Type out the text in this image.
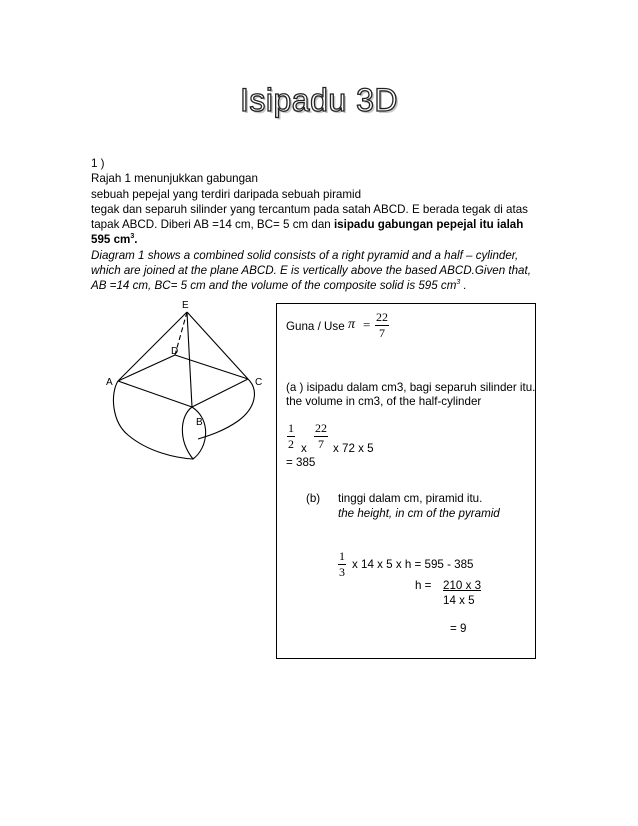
Isipadu 3D

1 )

Rajah 1 menunjukkan gabungan

sebuah pepejal yang terdiri daripada sebuah piramid

tegak dan separuh silinder yang tercantum pada satah ABCD. E berada tegak di atas

tapak ABCD. Diberi AB =14 cm, BC= 5 cm dan isipadu gabungan pepejal itu ialah

595 $cm^3$.

Diagram 1 shows a combined solid consists of a right pyramid and a half – cylinder,

which are joined at the plane ABCD. E is vertically above the based ABCD.Given that,

AB =14 cm, BC= 5 cm and the volume of the composite solid is 595 $cm^3$ .

E
D
A	C
B
Guna / Use $\pi = \frac{22}{7}$
(a ) isipadu dalam cm3, bagi separuh silinder itu.
the volume in cm3, of the half-cylinder
$\frac{1}{2}$ x $\frac{22}{7}$ x 72 x 5
= 385
(b) tinggi dalam cm, piramid itu.
the height, in cm of the pyramid
$\frac{1}{3}$ x 14 x 5 x h = 595 - 385
h = 210 x 3
14 x 5
= 9
